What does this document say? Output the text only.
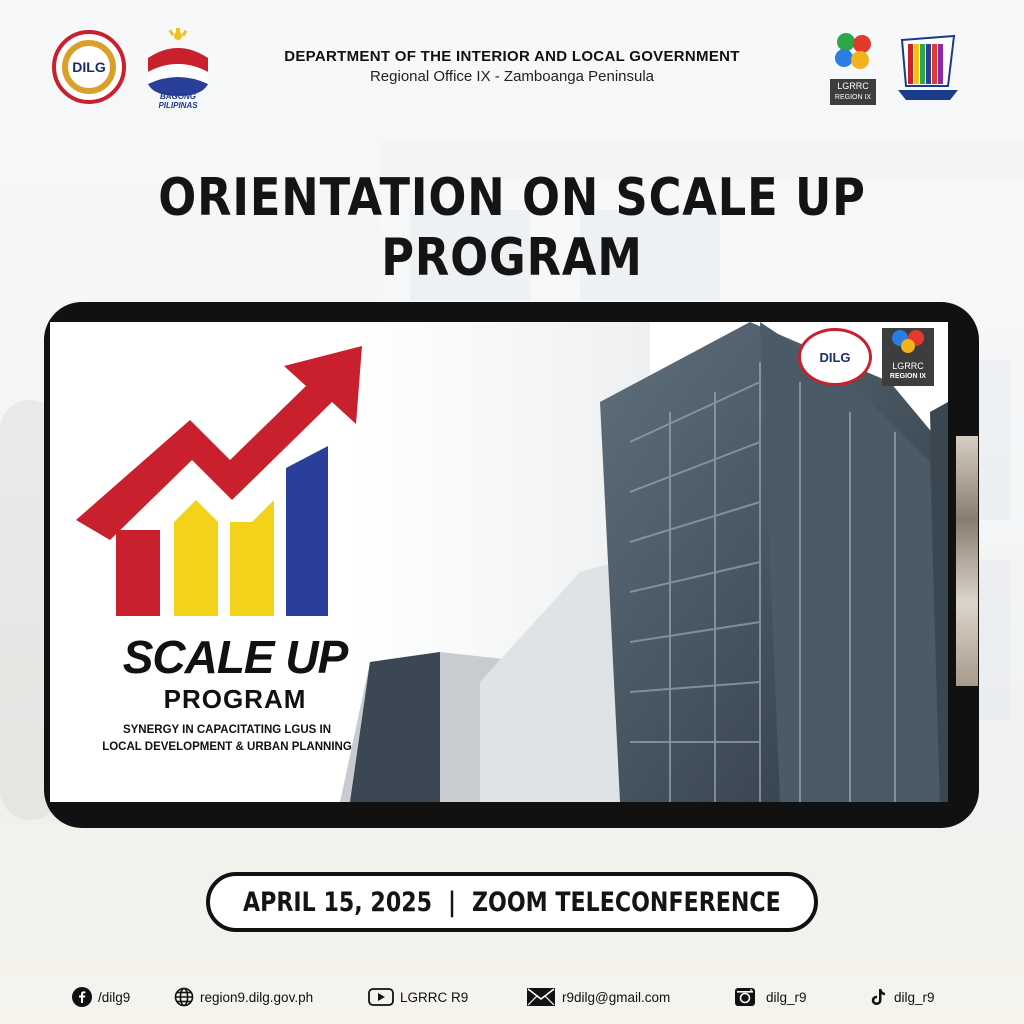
DILG
BAGONG PILIPINAS
DEPARTMENT OF THE INTERIOR AND LOCAL GOVERNMENT
Regional Office IX - Zamboanga Peninsula
LGRRC
REGION IX
ORIENTATION ON SCALE UP PROGRAM
SCALE UP
PROGRAM
SYNERGY IN CAPACITATING LGUS IN
LOCAL DEVELOPMENT & URBAN PLANNING
DILG
LGRRC
REGION IX
APRIL 15, 2025 | ZOOM TELECONFERENCE
/dilg9	region9.dilg.gov.ph	LGRRC R9	r9dilg@gmail.com	dilg_r9	dilg_r9
